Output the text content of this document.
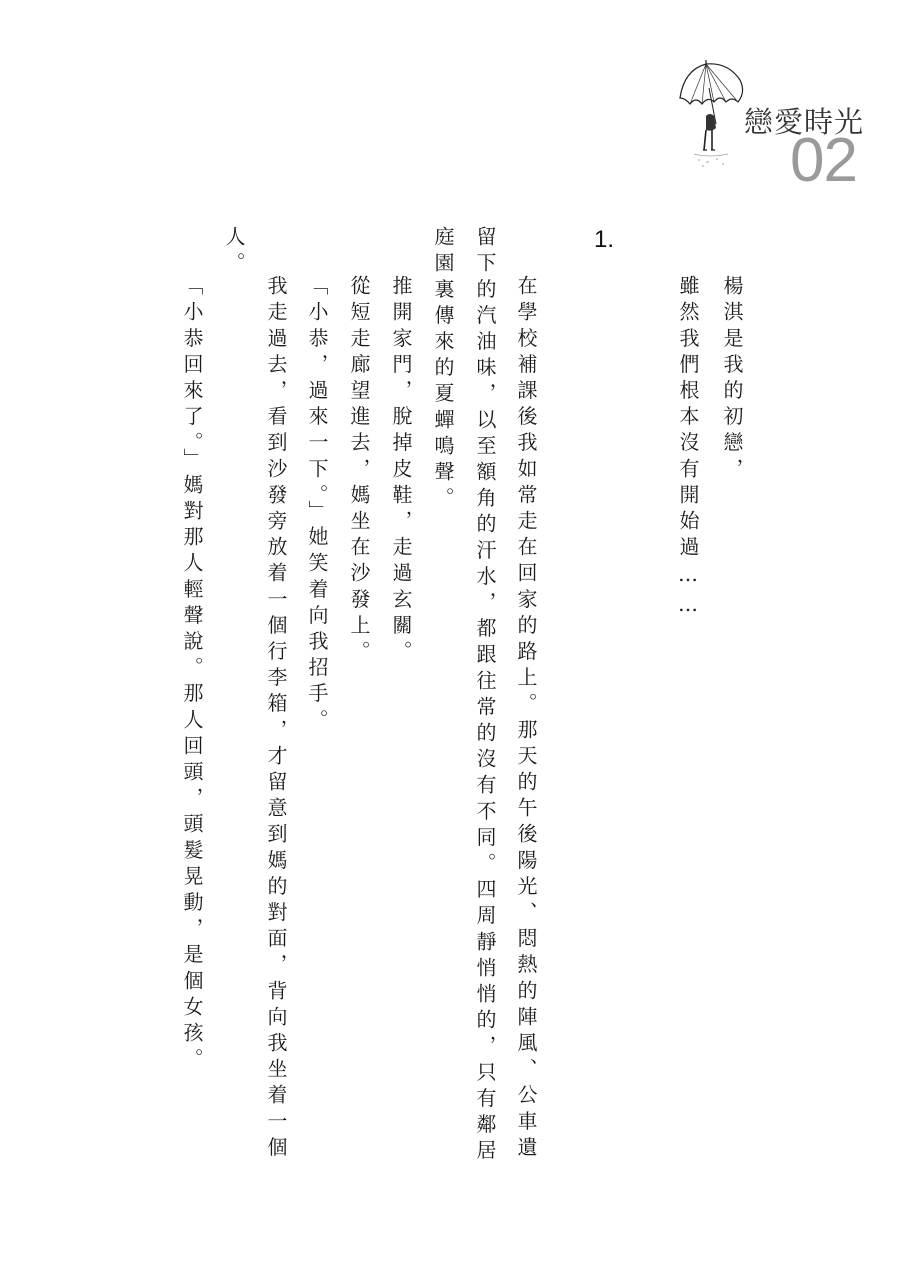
戀愛時光
02
1.
楊淇是我的初戀，
雖然我們根本沒有開始過……
在學校補課後我如常走在回家的路上。那天的午後陽光、悶熱的陣風、公車遺
留下的汽油味，以至額角的汗水，都跟往常的沒有不同。四周靜悄悄的，只有鄰居
庭園裏傳來的夏蟬鳴聲。
推開家門，脫掉皮鞋，走過玄關。
從短走廊望進去，媽坐在沙發上。
「小恭，過來一下。」她笑着向我招手。
我走過去，看到沙發旁放着一個行李箱，才留意到媽的對面，背向我坐着一個
人。
「小恭回來了。」媽對那人輕聲說。那人回頭，頭髮晃動，是個女孩。
